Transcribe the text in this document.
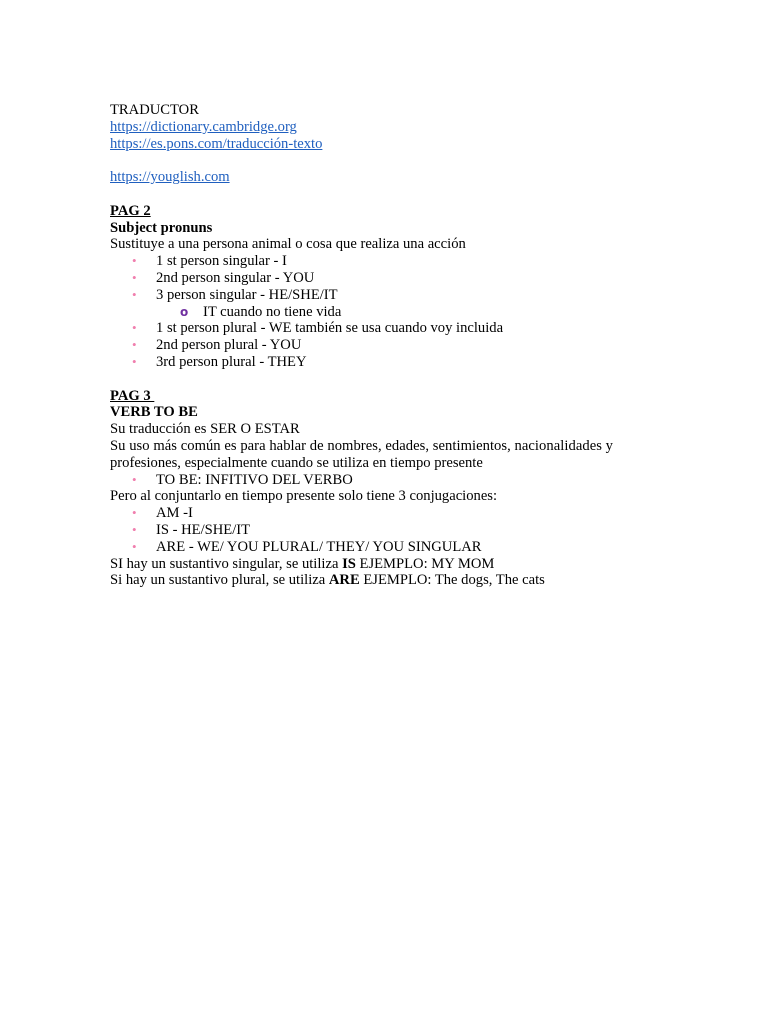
TRADUCTOR
https://dictionary.cambridge.org
https://es.pons.com/traducción-texto
https://youglish.com
PAG 2
Subject pronuns
Sustituye a una persona animal o cosa que realiza una acción
• 1 st person singular - I
• 2nd person singular - YOU
• 3 person singular - HE/SHE/IT
o IT cuando no tiene vida
• 1 st person plural - WE también se usa cuando voy incluida
• 2nd person plural - YOU
• 3rd person plural - THEY
PAG 3
VERB TO BE
Su traducción es SER O ESTAR
Su uso más común es para hablar de nombres, edades, sentimientos, nacionalidades y
profesiones, especialmente cuando se utiliza en tiempo presente
• TO BE: INFITIVO DEL VERBO
Pero al conjuntarlo en tiempo presente solo tiene 3 conjugaciones:
• AM -I
• IS - HE/SHE/IT
• ARE - WE/ YOU PLURAL/ THEY/ YOU SINGULAR
SI hay un sustantivo singular, se utiliza IS EJEMPLO: MY MOM
Si hay un sustantivo plural, se utiliza ARE EJEMPLO: The dogs, The cats
